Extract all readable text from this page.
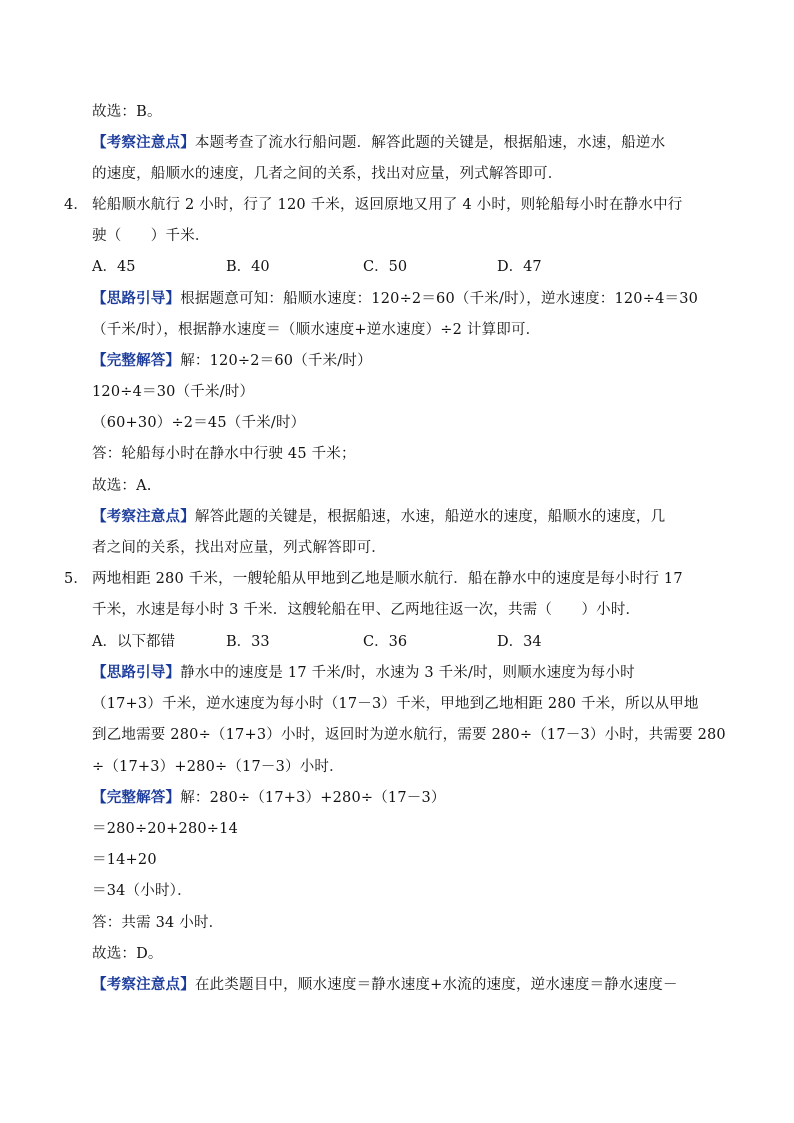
故选：B。
【考察注意点】本题考查了流水行船问题．解答此题的关键是，根据船速，水速，船逆水
的速度，船顺水的速度，几者之间的关系，找出对应量，列式解答即可．
4． 轮船顺水航行 2 小时，行了 120 千米，返回原地又用了 4 小时，则轮船每小时在静水中行
驶（　　）千米．
A．45	B．40	C．50	D．47
【思路引导】根据题意可知：船顺水速度：120÷2＝60（千米/时），逆水速度：120÷4＝30
（千米/时），根据静水速度＝（顺水速度+逆水速度）÷2 计算即可．
【完整解答】解：120÷2＝60（千米/时）
120÷4＝30（千米/时）
（60+30）÷2＝45（千米/时）
答：轮船每小时在静水中行驶 45 千米；
故选：A.
【考察注意点】解答此题的关键是，根据船速，水速，船逆水的速度，船顺水的速度，几
者之间的关系，找出对应量，列式解答即可．
5． 两地相距 280 千米，一艘轮船从甲地到乙地是顺水航行．船在静水中的速度是每小时行 17
千米，水速是每小时 3 千米．这艘轮船在甲、乙两地往返一次，共需（　　）小时．
A．以下都错	B．33	C．36	D．34
【思路引导】静水中的速度是 17 千米/时，水速为 3 千米/时，则顺水速度为每小时
（17+3）千米，逆水速度为每小时（17－3）千米，甲地到乙地相距 280 千米，所以从甲地
到乙地需要 280÷（17+3）小时，返回时为逆水航行，需要 280÷（17－3）小时，共需要 280
÷（17+3）+280÷（17－3）小时．
【完整解答】解：280÷（17+3）+280÷（17－3）
＝280÷20+280÷14
＝14+20
＝34（小时）．
答：共需 34 小时．
故选：D。
【考察注意点】在此类题目中，顺水速度＝静水速度+水流的速度，逆水速度＝静水速度－
